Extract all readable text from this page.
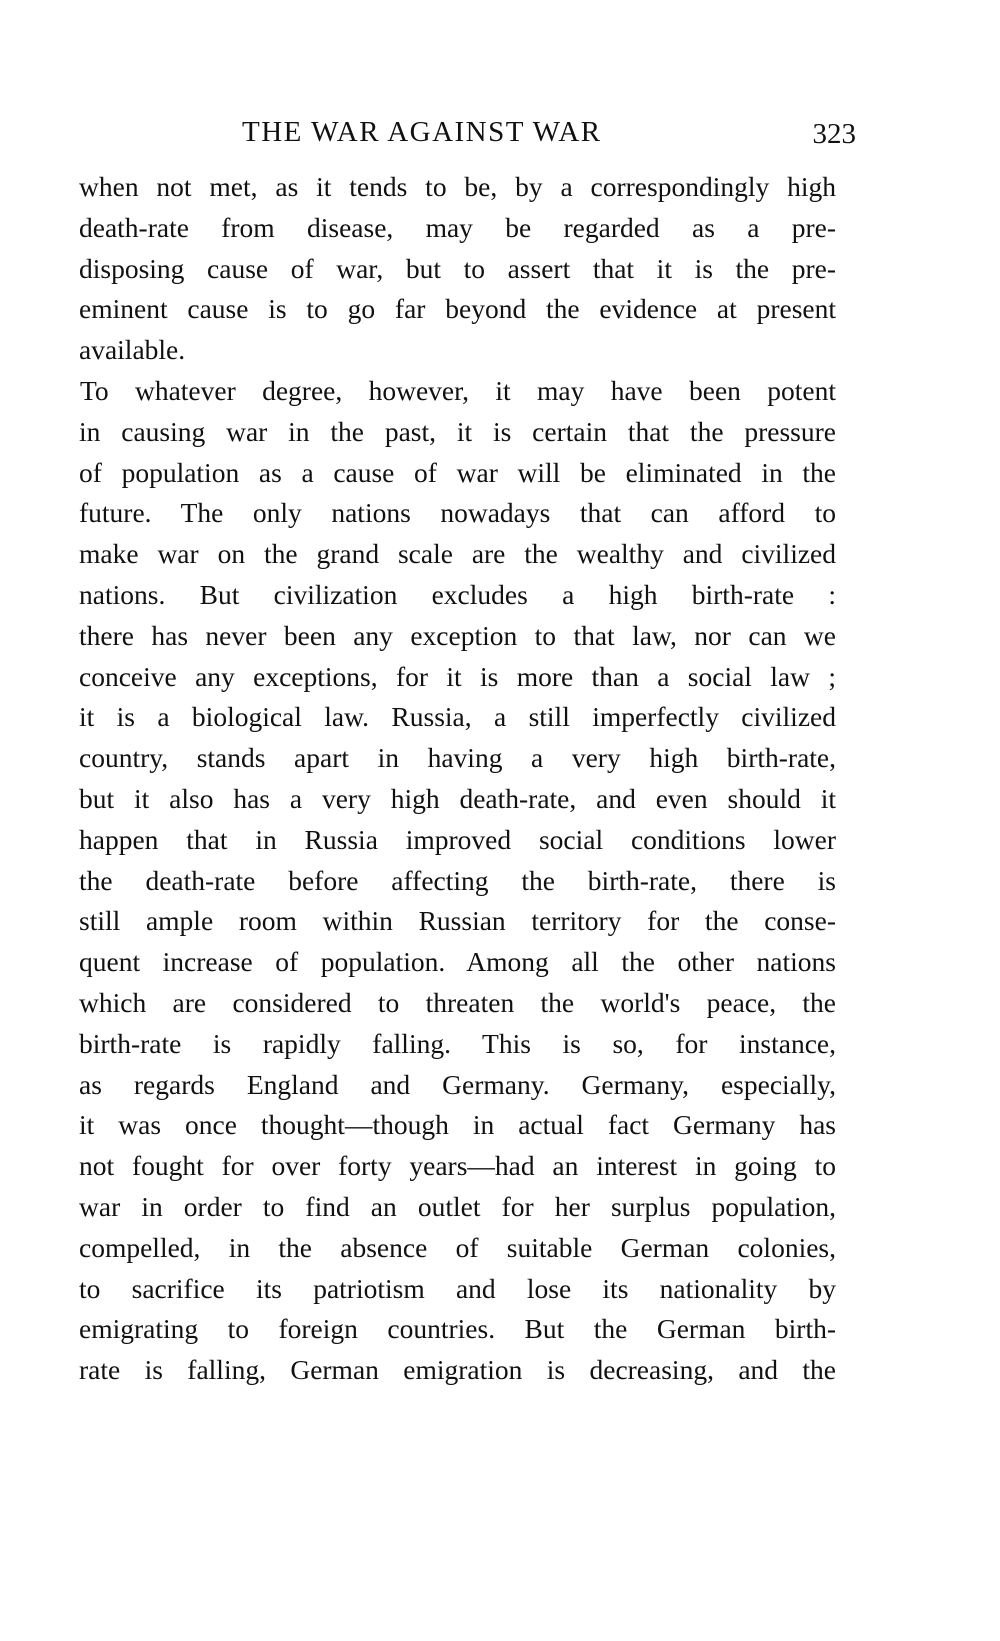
THE WAR AGAINST WAR	323
when not met, as it tends to be, by a correspondingly high
death-rate from disease, may be regarded as a pre-
disposing cause of war, but to assert that it is the pre-
eminent cause is to go far beyond the evidence at present
available.
To whatever degree, however, it may have been potent
in causing war in the past, it is certain that the pressure
of population as a cause of war will be eliminated in the
future. The only nations nowadays that can afford to
make war on the grand scale are the wealthy and civilized
nations. But civilization excludes a high birth-rate :
there has never been any exception to that law, nor can we
conceive any exceptions, for it is more than a social law ;
it is a biological law. Russia, a still imperfectly civilized
country, stands apart in having a very high birth-rate,
but it also has a very high death-rate, and even should it
happen that in Russia improved social conditions lower
the death-rate before affecting the birth-rate, there is
still ample room within Russian territory for the conse-
quent increase of population. Among all the other nations
which are considered to threaten the world's peace, the
birth-rate is rapidly falling. This is so, for instance,
as regards England and Germany. Germany, especially,
it was once thought—though in actual fact Germany has
not fought for over forty years—had an interest in going to
war in order to find an outlet for her surplus population,
compelled, in the absence of suitable German colonies,
to sacrifice its patriotism and lose its nationality by
emigrating to foreign countries. But the German birth-
rate is falling, German emigration is decreasing, and the
